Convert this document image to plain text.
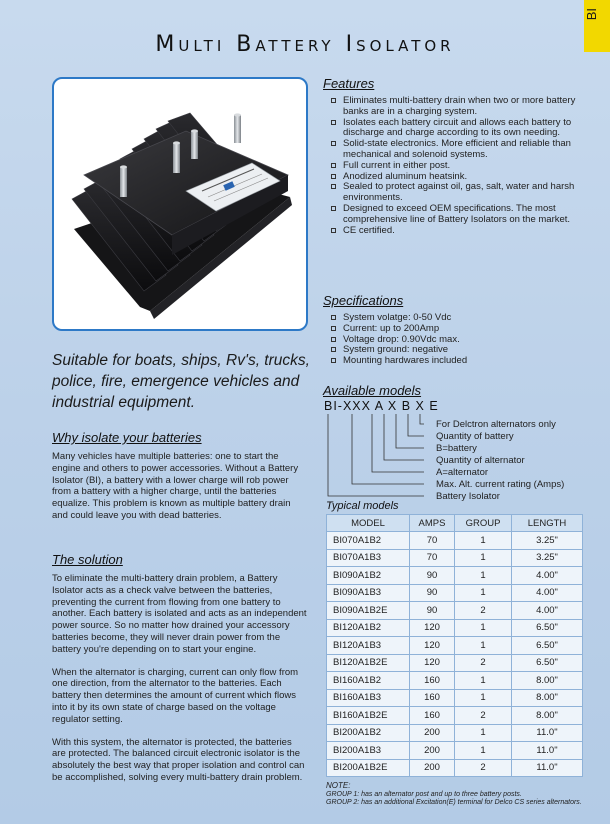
BI
Multi Battery Isolator
Suitable for boats, ships, Rv's, trucks, police, fire, emergence vehicles and industrial equipment.
Why isolate your batteries

Many vehicles have multiple batteries: one to start the engine and others to power accessories. Without a Battery Isolator (BI), a battery with a lower charge will rob power from a battery with a higher charge, until the batteries equalize. This problem is known as multiple battery drain and could leave you with dead batteries.

The solution

To eliminate the multi-battery drain problem, a Battery Isolator acts as a check valve between the batteries, preventing the current from flowing from one battery to another. Each battery is isolated and acts as an independent power source. So no matter how drained your accessory batteries become, they will never drain power from the battery you're depending on to start your engine.

When the alternator is charging, current can only flow from one direction, from the alternator to the batteries. Each battery then determines the amount of current which flows into it by its own state of charge based on the voltage regulator setting.

With this system, the alternator is protected, the batteries are protected. The balanced circuit electronic isolator is the absolutely the best way that proper isolation and control can be accomplished, solving every multi-battery drain problem.

Features
Eliminates multi-battery drain when two or more battery banks are in a charging system.
Isolates each battery circuit and allows each battery to discharge and charge according to its own needing.
Solid-state electronics. More efficient and reliable than mechanical and solenoid systems.
Full current in either post.
Anodized aluminum heatsink.
Sealed to protect against oil, gas, salt, water and harsh environments.
Designed to exceed OEM specifications. The most comprehensive line of Battery Isolators on the market.
CE certified.
Specifications
System volatge: 0-50 Vdc
Current: up to 200Amp
Voltage drop: 0.90Vdc max.
System ground: negative
Mounting hardwares included
Available models
BI-XXX A X B X E
For Delctron alternators only
Quantity of battery
B=battery
Quantity of alternator
A=alternator
Max. Alt. current rating (Amps)
Battery Isolator
Typical models
MODEL	AMPS	GROUP	LENGTH
BI070A1B2	70	1	3.25"
BI070A1B3	70	1	3.25"
BI090A1B2	90	1	4.00"
BI090A1B3	90	1	4.00"
BI090A1B2E	90	2	4.00"
BI120A1B2	120	1	6.50"
BI120A1B3	120	1	6.50"
BI120A1B2E	120	2	6.50"
BI160A1B2	160	1	8.00"
BI160A1B3	160	1	8.00"
BI160A1B2E	160	2	8.00"
BI200A1B2	200	1	11.0"
BI200A1B3	200	1	11.0"
BI200A1B2E	200	2	11.0"
NOTE:
GROUP 1: has an alternator post and up to three battery posts.
GROUP 2: has an additional Excitation(E) terminal for Delco CS series alternators.
